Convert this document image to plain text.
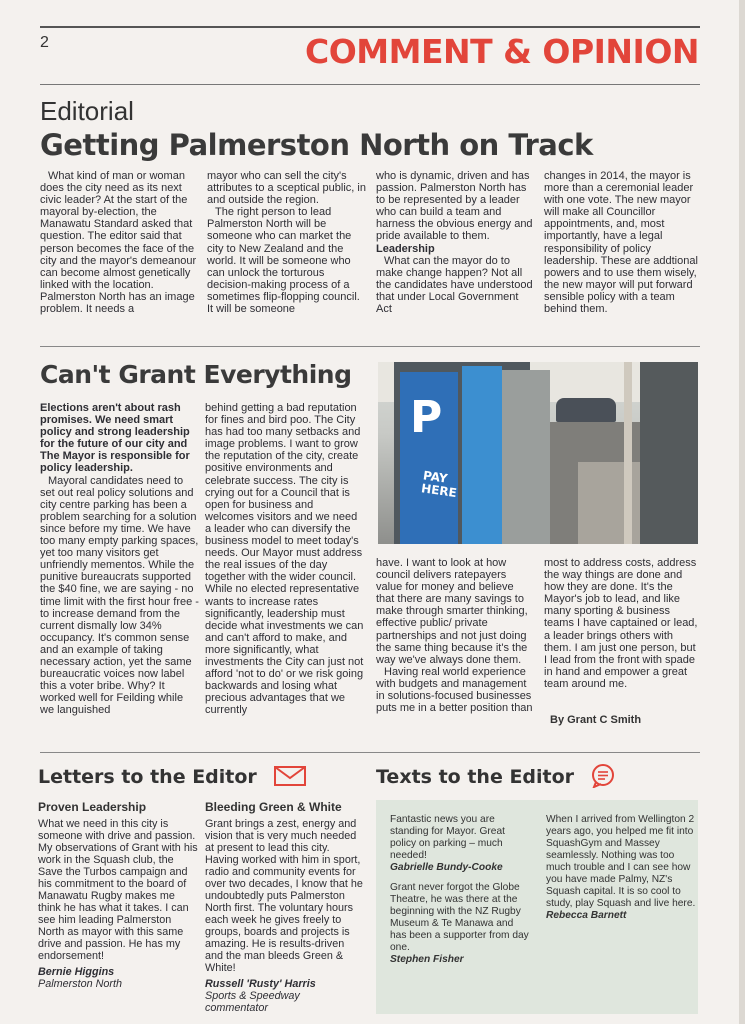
2	COMMENT & OPINION
Editorial
Getting Palmerston North on Track

What kind of man or woman does the city need as its next civic leader? At the start of the mayoral by-election, the Manawatu Standard asked that question. The editor said that person becomes the face of the city and the mayor's demeanour can become almost genetically linked with the location. Palmerston North has an image problem. It needs a

mayor who can sell the city's attributes to a sceptical public, in and outside the region.

The right person to lead Palmerston North will be someone who can market the city to New Zealand and the world. It will be someone who can unlock the torturous decision-making process of a sometimes flip-flopping council. It will be someone

who is dynamic, driven and has passion. Palmerston North has to be represented by a leader who can build a team and harness the obvious energy and pride available to them.

Leadership

What can the mayor do to make change happen? Not all the candidates have understood that under Local Government Act

changes in 2014, the mayor is more than a ceremonial leader with one vote. The new mayor will make all Councillor appointments, and, most importantly, have a legal responsibility of policy leadership. These are addtional powers and to use them wisely, the new mayor will put forward sensible policy with a team behind them.

Can't Grant Everything

Elections aren't about rash promises. We need smart policy and strong leadership for the future of our city and The Mayor is responsible for policy leadership.

Mayoral candidates need to set out real policy solutions and city centre parking has been a problem searching for a solution since before my time. We have too many empty parking spaces, yet too many visitors get unfriendly mementos. While the punitive bureaucrats supported the $40 fine, we are saying - no time limit with the first hour free - to increase demand from the current dismally low 34% occupancy. It's common sense and an example of taking necessary action, yet the same bureaucratic voices now label this a voter bribe. Why? It worked well for Feilding while we languished

behind getting a bad reputation for fines and bird poo. The City has had too many setbacks and image problems. I want to grow the reputation of the city, create positive environments and celebrate success. The city is crying out for a Council that is open for business and welcomes visitors and we need a leader who can diversify the business model to meet today's needs. Our Mayor must address the real issues of the day together with the wider council. While no elected representative wants to increase rates significantly, leadership must decide what investments we can and can't afford to make, and more significantly, what investments the City can just not afford 'not to do' or we risk going backwards and losing what precious advantages that we currently

P
PAY HERE

have. I want to look at how council delivers ratepayers value for money and believe that there are many savings to make through smarter thinking, effective public/ private partnerships and not just doing the same thing because it's the way we've always done them.

Having real world experience with budgets and management in solutions-focused businesses puts me in a better position than

most to address costs, address the way things are done and how they are done. It's the Mayor's job to lead, and like many sporting & business teams I have captained or lead, a leader brings others with them. I am just one person, but I lead from the front with spade in hand and empower a great team around me.

By Grant C Smith
Letters to the Editor
Proven Leadership

What we need in this city is someone with drive and passion. My observations of Grant with his work in the Squash club, the Save the Turbos campaign and his commitment to the board of Manawatu Rugby makes me think he has what it takes. I can see him leading Palmerston North as mayor with this same drive and passion. He has my endorsement!

Bernie Higgins

Palmerston North

Bleeding Green & White

Grant brings a zest, energy and vision that is very much needed at present to lead this city. Having worked with him in sport, radio and community events for over two decades, I know that he undoubtedly puts Palmerston North first. The voluntary hours each week he gives freely to groups, boards and projects is amazing. He is results-driven and the man bleeds Green & White!

Russell 'Rusty' Harris

Sports & Speedway commentator

Texts to the Editor

Fantastic news you are standing for Mayor. Great policy on parking – much needed!
Gabrielle Bundy-Cooke

Grant never forgot the Globe Theatre, he was there at the beginning with the NZ Rugby Museum & Te Manawa and has been a supporter from day one.
Stephen Fisher

When I arrived from Wellington 2 years ago, you helped me fit into SquashGym and Massey seamlessly. Nothing was too much trouble and I can see how you have made Palmy, NZ's Squash capital. It is so cool to study, play Squash and live here.
Rebecca Barnett
